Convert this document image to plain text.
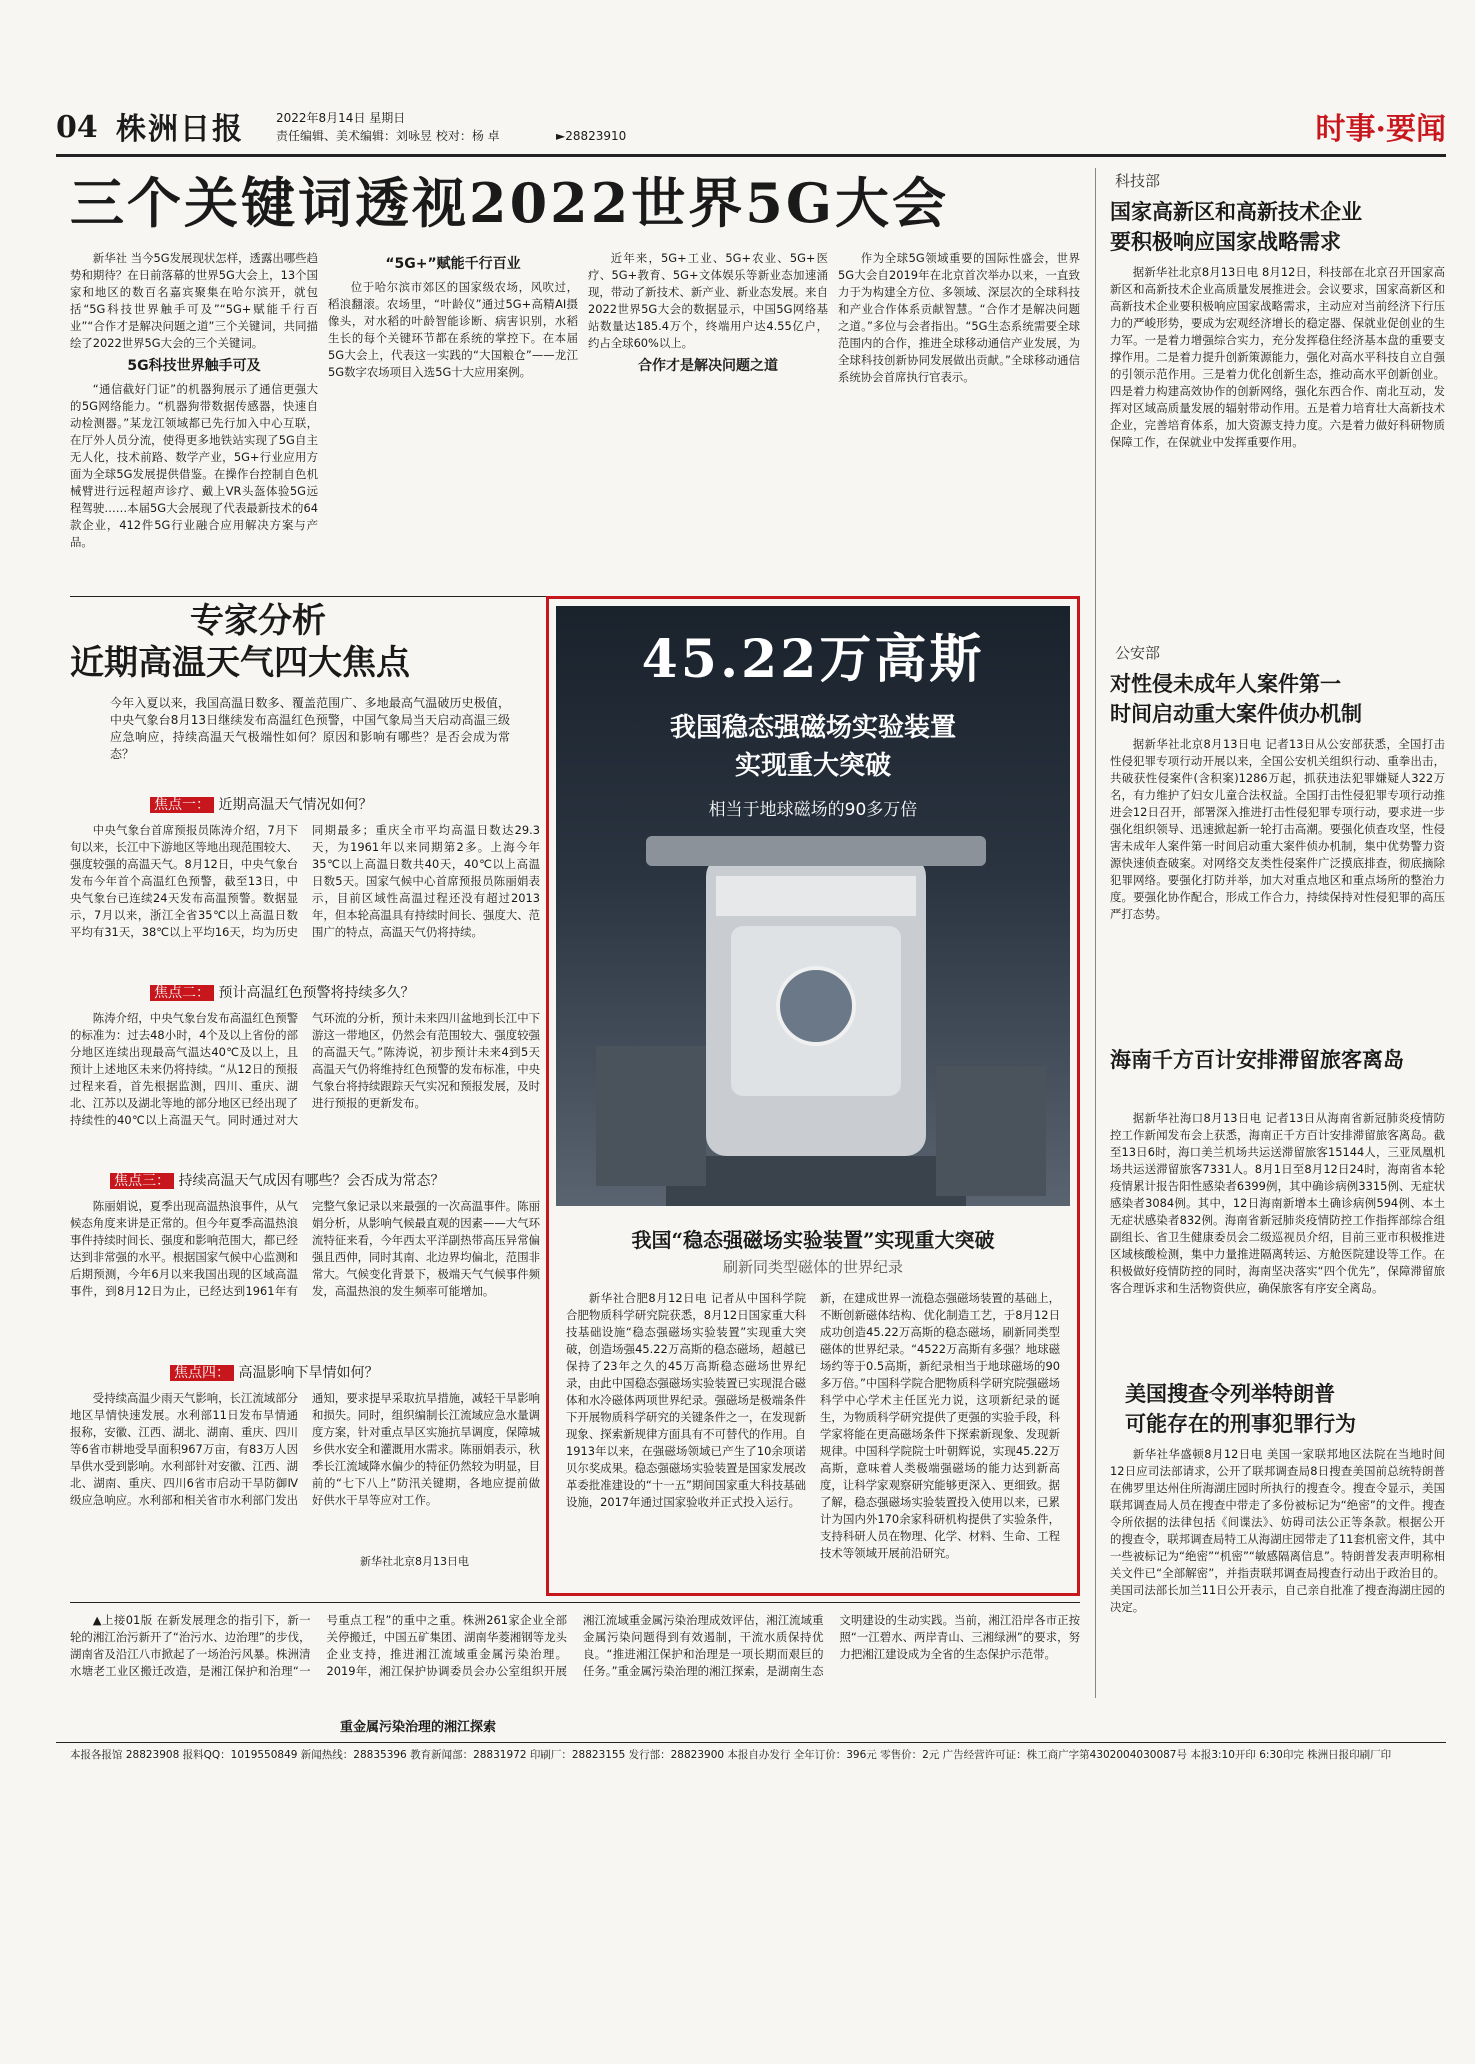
04 株洲日报	2022年8月14日 星期日
责任编辑、美术编辑：刘咏昱 校对：杨 卓	►28823910	时事·要闻
三个关键词透视2022世界5G大会

新华社 当今5G发展现状怎样，透露出哪些趋势和期待？在日前落幕的世界5G大会上，13个国家和地区的数百名嘉宾聚集在哈尔滨开，就包括“5G科技世界触手可及”“5G+赋能千行百业”“合作才是解决问题之道”三个关键词，共同描绘了2022世界5G大会的三个关键词。

5G科技世界触手可及

“通信截好门证”的机器狗展示了通信更强大的5G网络能力。“机器狗带数据传感器，快速自动检测器。”某龙江领域都已先行加入中心互联，在厅外人员分流，使得更多地铁站实现了5G自主无人化，技术前路、数学产业，5G+行业应用方面为全球5G发展提供借鉴。在操作台控制自色机械臂进行远程超声诊疗、戴上VR头盔体验5G远程驾驶……本届5G大会展现了代表最新技术的64款企业，412件5G行业融合应用解决方案与产品。

“5G+”赋能千行百业

位于哈尔滨市郊区的国家级农场，风吹过，稻浪翻滚。农场里，“叶龄仪”通过5G+高精AI摄像头，对水稻的叶龄智能诊断、病害识别，水稻生长的每个关键环节都在系统的掌控下。在本届5G大会上，代表这一实践的“大国粮仓”——龙江5G数字农场项目入选5G十大应用案例。

近年来，5G+工业、5G+农业、5G+医疗、5G+教育、5G+文体娱乐等新业态加速涌现，带动了新技术、新产业、新业态发展。来自2022世界5G大会的数据显示，中国5G网络基站数量达185.4万个，终端用户达4.55亿户，约占全球60%以上。

合作才是解决问题之道

作为全球5G领域重要的国际性盛会，世界5G大会自2019年在北京首次举办以来，一直致力于为构建全方位、多领域、深层次的全球科技和产业合作体系贡献智慧。“合作才是解决问题之道。”多位与会者指出。“5G生态系统需要全球范围内的合作，推进全球移动通信产业发展，为全球科技创新协同发展做出贡献。”全球移动通信系统协会首席执行官表示。

专家分析
近期高温天气四大焦点
今年入夏以来，我国高温日数多、覆盖范围广、多地最高气温破历史极值，中央气象台8月13日继续发布高温红色预警，中国气象局当天启动高温三级应急响应，持续高温天气极端性如何？原因和影响有哪些？是否会成为常态？
焦点一： 近期高温天气情况如何？

中央气象台首席预报员陈涛介绍，7月下旬以来，长江中下游地区等地出现范围较大、强度较强的高温天气。8月12日，中央气象台发布今年首个高温红色预警，截至13日，中央气象台已连续24天发布高温预警。数据显示，7月以来，浙江全省35℃以上高温日数平均有31天，38℃以上平均16天，均为历史同期最多；重庆全市平均高温日数达29.3天，为1961年以来同期第2多。上海今年35℃以上高温日数共40天，40℃以上高温日数5天。国家气候中心首席预报员陈丽娟表示，目前区域性高温过程还没有超过2013年，但本轮高温具有持续时间长、强度大、范围广的特点，高温天气仍将持续。

焦点二： 预计高温红色预警将持续多久？

陈涛介绍，中央气象台发布高温红色预警的标准为：过去48小时，4个及以上省份的部分地区连续出现最高气温达40℃及以上，且预计上述地区未来仍将持续。“从12日的预报过程来看，首先根据监测，四川、重庆、湖北、江苏以及湖北等地的部分地区已经出现了持续性的40℃以上高温天气。同时通过对大气环流的分析，预计未来四川盆地到长江中下游这一带地区，仍然会有范围较大、强度较强的高温天气。”陈涛说，初步预计未来4到5天高温天气仍将维持红色预警的发布标准，中央气象台将持续跟踪天气实况和预报发展，及时进行预报的更新发布。

焦点三： 持续高温天气成因有哪些？会否成为常态？

陈丽娟说，夏季出现高温热浪事件，从气候态角度来讲是正常的。但今年夏季高温热浪事件持续时间长、强度和影响范围大，都已经达到非常强的水平。根据国家气候中心监测和后期预测，今年6月以来我国出现的区域高温事件，到8月12日为止，已经达到1961年有完整气象记录以来最强的一次高温事件。陈丽娟分析，从影响气候最直观的因素——大气环流特征来看，今年西太平洋副热带高压异常偏强且西伸，同时其南、北边界均偏北，范围非常大。气候变化背景下，极端天气气候事件频发，高温热浪的发生频率可能增加。

焦点四： 高温影响下旱情如何？

受持续高温少雨天气影响，长江流域部分地区旱情快速发展。水利部11日发布旱情通报称，安徽、江西、湖北、湖南、重庆、四川等6省市耕地受旱面积967万亩，有83万人因旱供水受到影响。水利部针对安徽、江西、湖北、湖南、重庆、四川6省市启动干旱防御Ⅳ级应急响应。水利部和相关省市水利部门发出通知，要求提早采取抗旱措施，减轻干旱影响和损失。同时，组织编制长江流域应急水量调度方案，针对重点旱区实施抗旱调度，保障城乡供水安全和灌溉用水需求。陈丽娟表示，秋季长江流域降水偏少的特征仍然较为明显，目前的“七下八上”防汛关键期，各地应提前做好供水干旱等应对工作。

新华社北京8月13日电
45.22万高斯
我国稳态强磁场实验装置
实现重大突破
相当于地球磁场的90多万倍
我国“稳态强磁场实验装置”实现重大突破
刷新同类型磁体的世界纪录
新华社合肥8月12日电 记者从中国科学院合肥物质科学研究院获悉，8月12日国家重大科技基础设施“稳态强磁场实验装置”实现重大突破，创造场强45.22万高斯的稳态磁场，超越已保持了23年之久的45万高斯稳态磁场世界纪录，由此中国稳态强磁场实验装置已实现混合磁体和水冷磁体两项世界纪录。强磁场是极端条件下开展物质科学研究的关键条件之一，在发现新现象、探索新规律方面具有不可替代的作用。自1913年以来，在强磁场领域已产生了10余项诺贝尔奖成果。稳态强磁场实验装置是国家发展改革委批准建设的“十一五”期间国家重大科技基础设施，2017年通过国家验收并正式投入运行。
新，在建成世界一流稳态强磁场装置的基础上，不断创新磁体结构、优化制造工艺，于8月12日成功创造45.22万高斯的稳态磁场，刷新同类型磁体的世界纪录。“4522万高斯有多强？地球磁场约等于0.5高斯，新纪录相当于地球磁场的90多万倍。”中国科学院合肥物质科学研究院强磁场科学中心学术主任匡光力说，这项新纪录的诞生，为物质科学研究提供了更强的实验手段，科学家将能在更高磁场条件下探索新现象、发现新规律。中国科学院院士叶朝辉说，实现45.22万高斯，意味着人类极端强磁场的能力达到新高度，让科学家观察研究能够更深入、更细致。据了解，稳态强磁场实验装置投入使用以来，已累计为国内外170余家科研机构提供了实验条件，支持科研人员在物理、化学、材料、生命、工程技术等领域开展前沿研究。
科技部
国家高新区和高新技术企业
要积极响应国家战略需求
据新华社北京8月13日电 8月12日，科技部在北京召开国家高新区和高新技术企业高质量发展推进会。会议要求，国家高新区和高新技术企业要积极响应国家战略需求，主动应对当前经济下行压力的严峻形势，要成为宏观经济增长的稳定器、保就业促创业的生力军。一是着力增强综合实力，充分发挥稳住经济基本盘的重要支撑作用。二是着力提升创新策源能力，强化对高水平科技自立自强的引领示范作用。三是着力优化创新生态，推动高水平创新创业。四是着力构建高效协作的创新网络，强化东西合作、南北互动，发挥对区域高质量发展的辐射带动作用。五是着力培育壮大高新技术企业，完善培育体系，加大资源支持力度。六是着力做好科研物质保障工作，在保就业中发挥重要作用。
公安部
对性侵未成年人案件第一
时间启动重大案件侦办机制
据新华社北京8月13日电 记者13日从公安部获悉，全国打击性侵犯罪专项行动开展以来，全国公安机关组织行动、重拳出击，共破获性侵案件(含积案)1286万起，抓获违法犯罪嫌疑人322万名，有力维护了妇女儿童合法权益。全国打击性侵犯罪专项行动推进会12日召开，部署深入推进打击性侵犯罪专项行动，要求进一步强化组织领导、迅速掀起新一轮打击高潮。要强化侦查攻坚，性侵害未成年人案件第一时间启动重大案件侦办机制，集中优势警力资源快速侦查破案。对网络交友类性侵案件广泛摸底排查，彻底摘除犯罪网络。要强化打防并举，加大对重点地区和重点场所的整治力度。要强化协作配合，形成工作合力，持续保持对性侵犯罪的高压严打态势。
海南千方百计安排滞留旅客离岛
据新华社海口8月13日电 记者13日从海南省新冠肺炎疫情防控工作新闻发布会上获悉，海南正千方百计安排滞留旅客离岛。截至13日6时，海口美兰机场共运送滞留旅客15144人，三亚凤凰机场共运送滞留旅客7331人。8月1日至8月12日24时，海南省本轮疫情累计报告阳性感染者6399例，其中确诊病例3315例、无症状感染者3084例。其中，12日海南新增本土确诊病例594例、本土无症状感染者832例。海南省新冠肺炎疫情防控工作指挥部综合组副组长、省卫生健康委员会二级巡视员介绍，目前三亚市积极推进区域核酸检测，集中力量推进隔离转运、方舱医院建设等工作。在积极做好疫情防控的同时，海南坚决落实“四个优先”，保障滞留旅客合理诉求和生活物资供应，确保旅客有序安全离岛。
美国搜查令列举特朗普
可能存在的刑事犯罪行为
新华社华盛顿8月12日电 美国一家联邦地区法院在当地时间12日应司法部请求，公开了联邦调查局8日搜查美国前总统特朗普在佛罗里达州住所海湖庄园时所执行的搜查令。搜查令显示，美国联邦调查局人员在搜查中带走了多份被标记为“绝密”的文件。搜查令所依据的法律包括《间谍法》、妨碍司法公正等条款。根据公开的搜查令，联邦调查局特工从海湖庄园带走了11套机密文件，其中一些被标记为“绝密”“机密”“敏感隔离信息”。特朗普发表声明称相关文件已“全部解密”，并指责联邦调查局搜查行动出于政治目的。美国司法部长加兰11日公开表示，自己亲自批准了搜查海湖庄园的决定。

▲上接01版 在新发展理念的指引下，新一轮的湘江治污新开了“治污水、边治理”的步伐，湖南省及沿江八市掀起了一场治污风暴。株洲清水塘老工业区搬迁改造，是湘江保护和治理“一号重点工程”的重中之重。株洲261家企业全部关停搬迁，中国五矿集团、湖南华菱湘钢等龙头企业支持，推进湘江流域重金属污染治理。2019年，湘江保护协调委员会办公室组织开展湘江流域重金属污染治理成效评估，湘江流域重金属污染问题得到有效遏制，干流水质保持优良。“推进湘江保护和治理是一项长期而艰巨的任务。”重金属污染治理的湘江探索，是湖南生态文明建设的生动实践。当前，湘江沿岸各市正按照“一江碧水、两岸青山、三湘绿洲”的要求，努力把湘江建设成为全省的生态保护示范带。

重金属污染治理的湘江探索
本报各报馆 28823908 报料QQ：1019550849 新闻热线：28835396 教育新闻部：28831972 印刷厂：28823155 发行部：28823900 本报自办发行 全年订价：396元 零售价：2元 广告经营许可证：株工商广字第4302004030087号 本报3:10开印 6:30印完 株洲日报印刷厂印
